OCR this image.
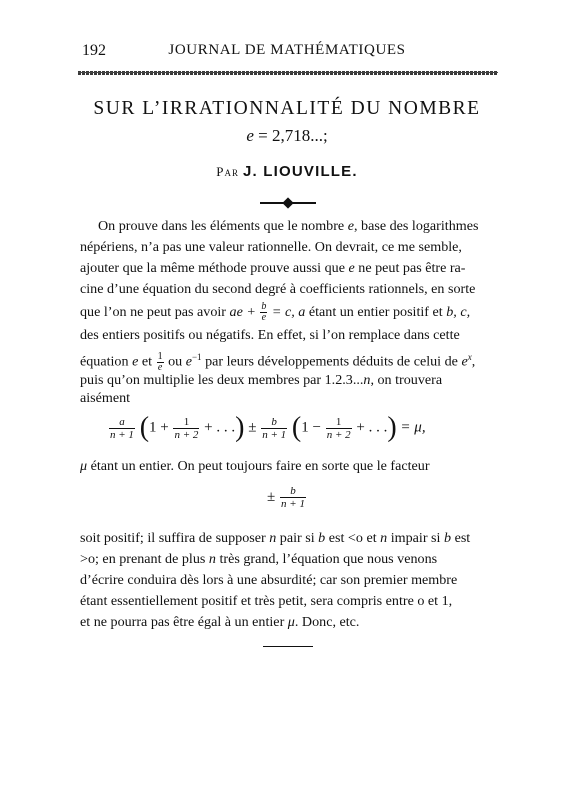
192	JOURNAL DE MATHÉMATIQUES
SUR L’IRRATIONNALITÉ DU NOMBRE
e = 2,718...;
Par J. LIOUVILLE.
On prouve dans les éléments que le nombre e, base des logarithmes
népériens, n’a pas une valeur rationnelle. On devrait, ce me semble,
ajouter que la même méthode prouve aussi que e ne peut pas être ra-
cine d’une équation du second degré à coefficients rationnels, en sorte
que l’on ne peut pas avoir ae + $\frac{b}{e} = c$, a étant un entier positif et b, c,
des entiers positifs ou négatifs. En effet, si l’on remplace dans cette
équation e et $\frac{1}{e}$ ou $e^{-1}$ par leurs développements déduits de celui de $e^x$,
puis qu’on multiplie les deux membres par 1.2.3...n, on trouvera
aisément
$\frac{a}{n + 1} (1 + \frac{1}{n + 2}$ + . . .) ± $\frac{b}{n + 1} (1 - \frac{1}{n + 2}$ + . . .) = μ,
μ étant un entier. On peut toujours faire en sorte que le facteur
± $\frac{b}{n + 1}$
soit positif; il suffira de supposer n pair si b est <o et n impair si b est
>o; en prenant de plus n très grand, l’équation que nous venons
d’écrire conduira dès lors à une absurdité; car son premier membre
étant essentiellement positif et très petit, sera compris entre o et 1,
et ne pourra pas être égal à un entier μ. Donc, etc.
